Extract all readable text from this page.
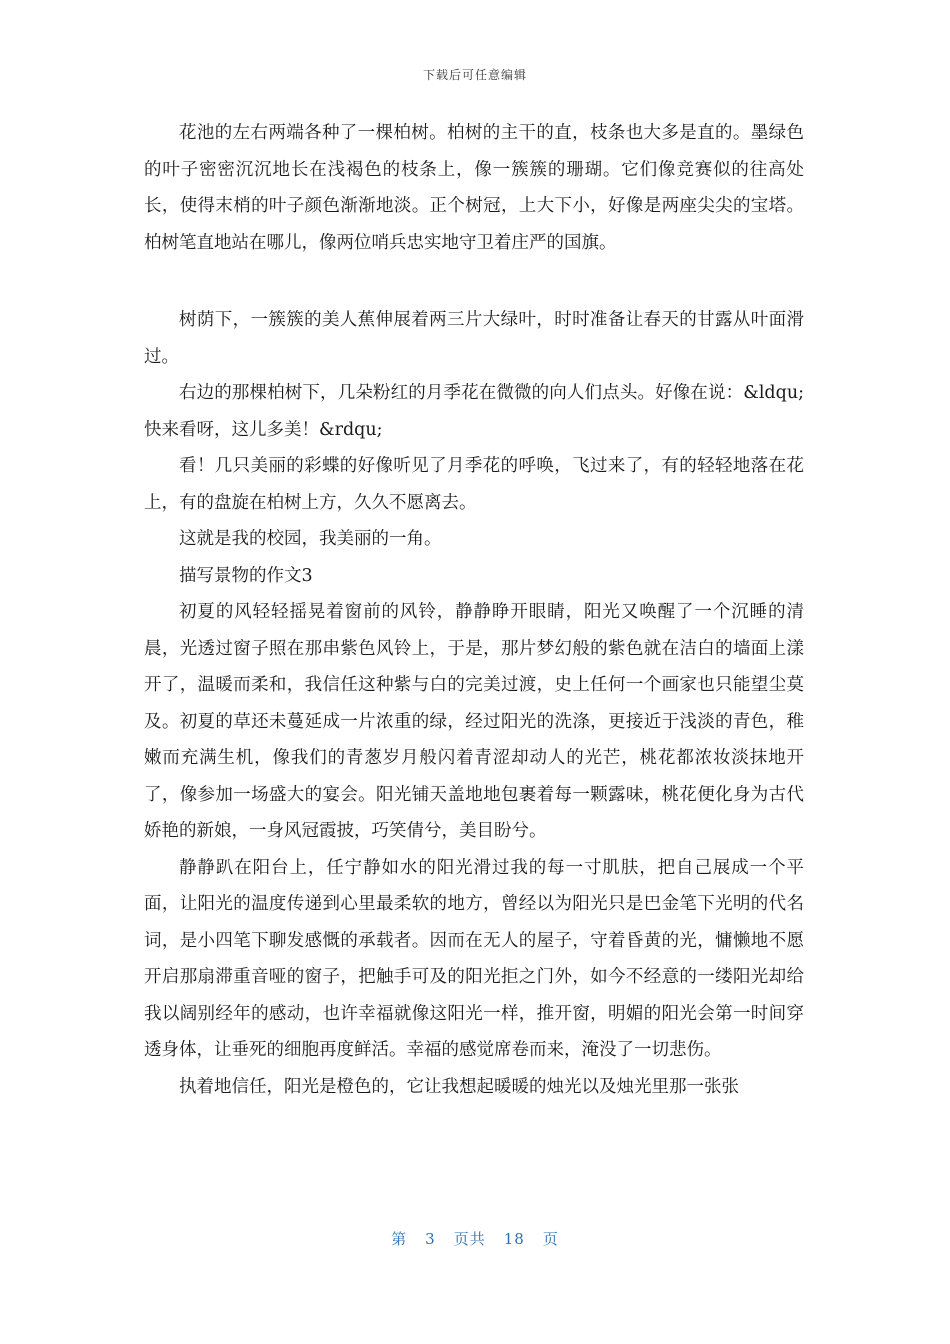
下载后可任意编辑

花池的左右两端各种了一棵柏树。柏树的主干的直，枝条也大多是直的。墨绿色的叶子密密沉沉地长在浅褐色的枝条上，像一簇簇的珊瑚。它们像竞赛似的往高处长，使得末梢的叶子颜色渐渐地淡。正个树冠，上大下小，好像是两座尖尖的宝塔。柏树笔直地站在哪儿，像两位哨兵忠实地守卫着庄严的国旗。

树荫下，一簇簇的美人蕉伸展着两三片大绿叶，时时准备让春天的甘露从叶面滑过。

右边的那棵柏树下，几朵粉红的月季花在微微的向人们点头。好像在说：&ldqu;快来看呀，这儿多美！&rdqu;

看！几只美丽的彩蝶的好像听见了月季花的呼唤，飞过来了，有的轻轻地落在花上，有的盘旋在柏树上方，久久不愿离去。

这就是我的校园，我美丽的一角。

描写景物的作文3

初夏的风轻轻摇晃着窗前的风铃，静静睁开眼睛，阳光又唤醒了一个沉睡的清晨，光透过窗子照在那串紫色风铃上，于是，那片梦幻般的紫色就在洁白的墙面上漾开了，温暖而柔和，我信任这种紫与白的完美过渡，史上任何一个画家也只能望尘莫及。初夏的草还未蔓延成一片浓重的绿，经过阳光的洗涤，更接近于浅淡的青色，稚嫩而充满生机，像我们的青葱岁月般闪着青涩却动人的光芒，桃花都浓妆淡抹地开了，像参加一场盛大的宴会。阳光铺天盖地地包裹着每一颗露味，桃花便化身为古代娇艳的新娘，一身风冠霞披，巧笑倩兮，美目盼兮。

静静趴在阳台上，任宁静如水的阳光滑过我的每一寸肌肤，把自己展成一个平面，让阳光的温度传递到心里最柔软的地方，曾经以为阳光只是巴金笔下光明的代名词，是小四笔下聊发感慨的承载者。因而在无人的屋子，守着昏黄的光，慵懒地不愿开启那扇滞重音哑的窗子，把触手可及的阳光拒之门外，如今不经意的一缕阳光却给我以阔别经年的感动，也许幸福就像这阳光一样，推开窗，明媚的阳光会第一时间穿透身体，让垂死的细胞再度鲜活。幸福的感觉席卷而来，淹没了一切悲伤。

执着地信任，阳光是橙色的，它让我想起暖暖的烛光以及烛光里那一张张

第 3 页共 18 页
